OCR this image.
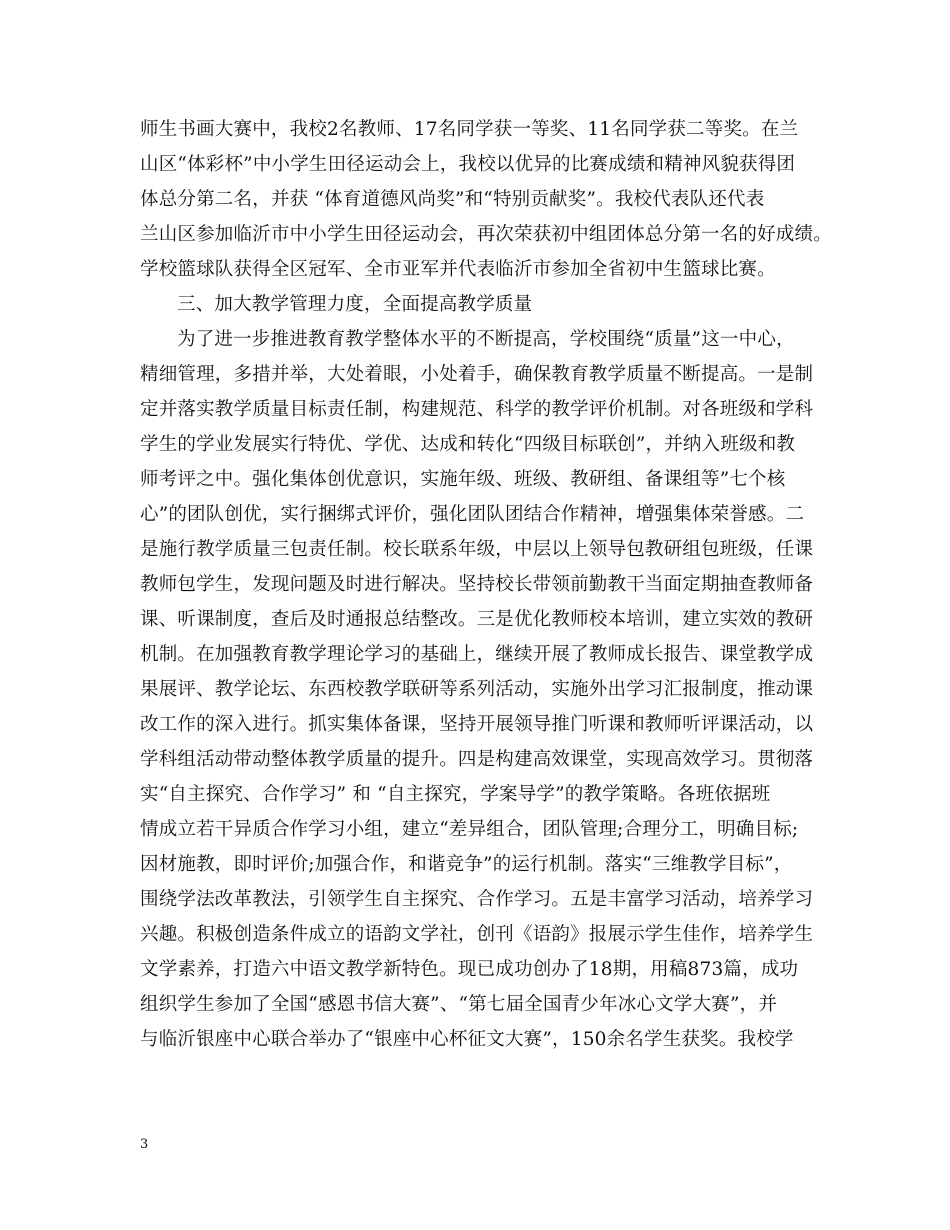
师生书画大赛中，我校2名教师、17名同学获一等奖、11名同学获二等奖。在兰
山区“体彩杯”中小学生田径运动会上，我校以优异的比赛成绩和精神风貌获得团
体总分第二名，并获 “体育道德风尚奖”和“特别贡献奖”。我校代表队还代表
兰山区参加临沂市中小学生田径运动会，再次荣获初中组团体总分第一名的好成绩。
学校篮球队获得全区冠军、全市亚军并代表临沂市参加全省初中生篮球比赛。
三、加大教学管理力度，全面提高教学质量
为了进一步推进教育教学整体水平的不断提高，学校围绕“质量”这一中心，
精细管理，多措并举，大处着眼，小处着手，确保教育教学质量不断提高。一是制
定并落实教学质量目标责任制，构建规范、科学的教学评价机制。对各班级和学科
学生的学业发展实行特优、学优、达成和转化“四级目标联创”，并纳入班级和教
师考评之中。强化集体创优意识，实施年级、班级、教研组、备课组等”七个核
心”的团队创优，实行捆绑式评价，强化团队团结合作精神，增强集体荣誉感。二
是施行教学质量三包责任制。校长联系年级，中层以上领导包教研组包班级，任课
教师包学生，发现问题及时进行解决。坚持校长带领前勤教干当面定期抽查教师备
课、听课制度，查后及时通报总结整改。三是优化教师校本培训，建立实效的教研
机制。在加强教育教学理论学习的基础上，继续开展了教师成长报告、课堂教学成
果展评、教学论坛、东西校教学联研等系列活动，实施外出学习汇报制度，推动课
改工作的深入进行。抓实集体备课，坚持开展领导推门听课和教师听评课活动，以
学科组活动带动整体教学质量的提升。四是构建高效课堂，实现高效学习。贯彻落
实“自主探究、合作学习” 和 “自主探究，学案导学”的教学策略。各班依据班
情成立若干异质合作学习小组，建立“差异组合，团队管理;合理分工，明确目标;
因材施教，即时评价;加强合作，和谐竞争”的运行机制。落实“三维教学目标”，
围绕学法改革教法，引领学生自主探究、合作学习。五是丰富学习活动，培养学习
兴趣。积极创造条件成立的语韵文学社，创刊《语韵》报展示学生佳作，培养学生
文学素养，打造六中语文教学新特色。现已成功创办了18期，用稿873篇，成功
组织学生参加了全国“感恩书信大赛”、“第七届全国青少年冰心文学大赛”，并
与临沂银座中心联合举办了“银座中心杯征文大赛”，150余名学生获奖。我校学
3
